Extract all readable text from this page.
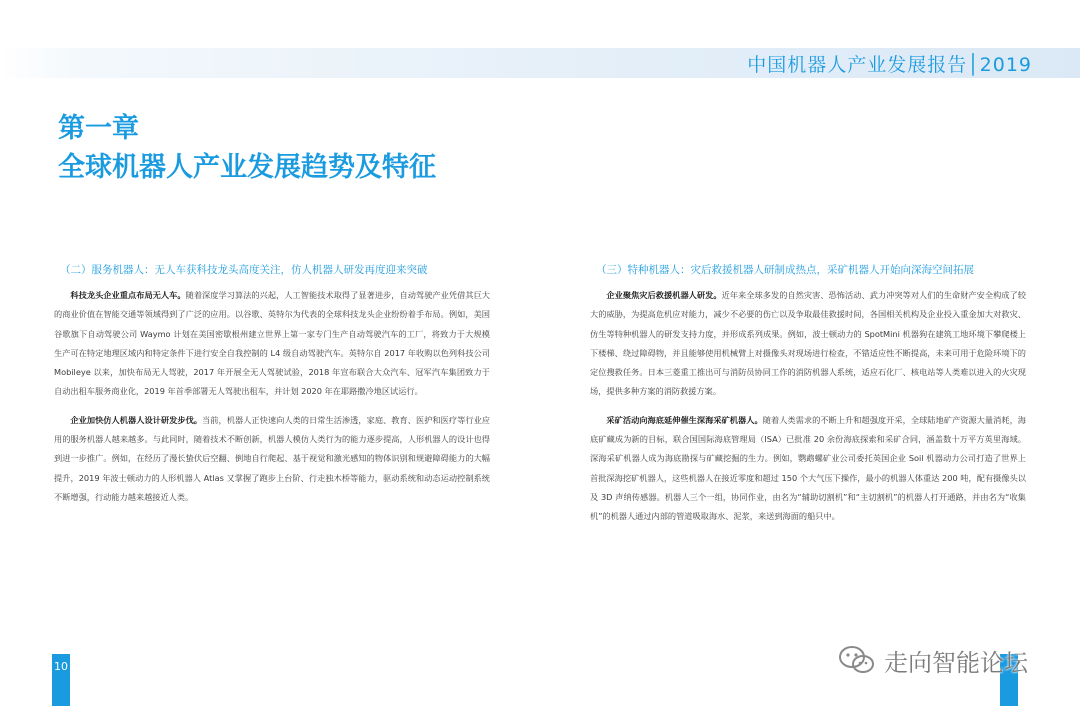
中国机器人产业发展报告│2019
第一章
全球机器人产业发展趋势及特征
（二）服务机器人：无人车获科技龙头高度关注，仿人机器人研发再度迎来突破

科技龙头企业重点布局无人车。随着深度学习算法的兴起，人工智能技术取得了显著进步，自动驾驶产业凭借其巨大的商业价值在智能交通等领域得到了广泛的应用。以谷歌、英特尔为代表的全球科技龙头企业纷纷着手布局。例如，美国谷歌旗下自动驾驶公司 Waymo 计划在美国密歇根州建立世界上第一家专门生产自动驾驶汽车的工厂，将致力于大规模生产可在特定地理区域内和特定条件下进行安全自我控制的 L4 级自动驾驶汽车。英特尔自 2017 年收购以色列科技公司 Mobileye 以来，加快布局无人驾驶，2017 年开展全无人驾驶试验，2018 年宣布联合大众汽车、冠军汽车集团致力于自动出租车服务商业化，2019 年首季部署无人驾驶出租车，并计划 2020 年在耶路撒冷地区试运行。

企业加快仿人机器人设计研发步伐。当前，机器人正快速向人类的日常生活渗透，家庭、教育、医护和医疗等行业应用的服务机器人越来越多。与此同时，随着技术不断创新，机器人模仿人类行为的能力逐步提高，人形机器人的设计也得到进一步推广。例如，在经历了漫长蛰伏后空翻、倒地自行爬起、基于视觉和激光感知的物体识别和规避障碍能力的大幅提升，2019 年波士顿动力的人形机器人 Atlas 又掌握了跑步上台阶、行走独木桥等能力，驱动系统和动态运动控制系统不断增强，行动能力越来越接近人类。

（三）特种机器人：灾后救援机器人研制成热点，采矿机器人开始向深海空间拓展

企业聚焦灾后救援机器人研发。近年来全球多发的自然灾害、恐怖活动、武力冲突等对人们的生命财产安全构成了较大的威胁，为提高危机应对能力，减少不必要的伤亡以及争取最佳救援时间，各国相关机构及企业投入重金加大对救灾、仿生等特种机器人的研发支持力度，并形成系列成果。例如，波士顿动力的 SpotMini 机器狗在建筑工地环境下攀爬楼上下楼梯、绕过障碍物，并且能够使用机械臂上对摄像头对现场进行检查，不错适应性不断提高，未来可用于危险环境下的定位搜救任务。日本三菱重工推出可与消防员协同工作的消防机器人系统，适应石化厂、核电站等人类难以进入的火灾现场，提供多种方案的消防救援方案。

采矿活动向海底延伸催生深海采矿机器人。随着人类需求的不断上升和超强度开采，全球陆地矿产资源大量消耗，海底矿藏成为新的目标，联合国国际海底管理局（ISA）已批准 20 余份海底探索和采矿合同，涵盖数十万平方英里海域。深海采矿机器人成为海底勘探与矿藏挖掘的生力。例如，鹦鹉螺矿业公司委托英国企业 Soil 机器动力公司打造了世界上首批深海挖矿机器人，这些机器人在接近零度和超过 150 个大气压下操作，最小的机器人体重达 200 吨，配有摄像头以及 3D 声纳传感器。机器人三个一组，协同作业，由名为“辅助切割机”和“主切割机”的机器人打开通路，并由名为“收集机”的机器人通过内部的管道吸取海水、泥浆，来送到海面的船只中。

10	走向智能论坛
